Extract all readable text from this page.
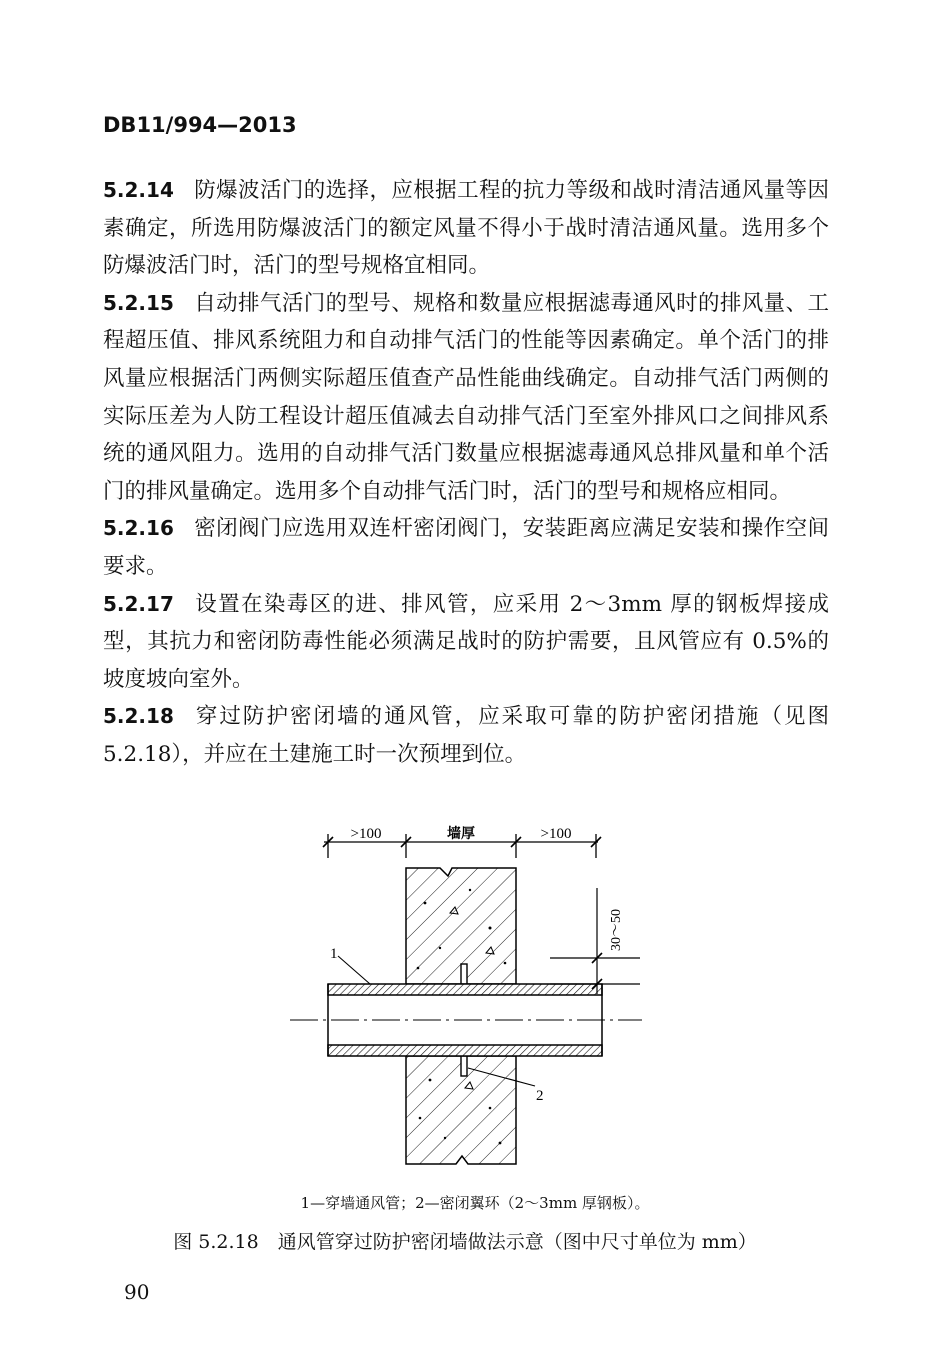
DB11/994—2013

5.2.14 防爆波活门的选择，应根据工程的抗力等级和战时清洁通风量等因素确定，所选用防爆波活门的额定风量不得小于战时清洁通风量。选用多个防爆波活门时，活门的型号规格宜相同。

5.2.15 自动排气活门的型号、规格和数量应根据滤毒通风时的排风量、工程超压值、排风系统阻力和自动排气活门的性能等因素确定。单个活门的排风量应根据活门两侧实际超压值查产品性能曲线确定。自动排气活门两侧的实际压差为人防工程设计超压值减去自动排气活门至室外排风口之间排风系统的通风阻力。选用的自动排气活门数量应根据滤毒通风总排风量和单个活门的排风量确定。选用多个自动排气活门时，活门的型号和规格应相同。

5.2.16 密闭阀门应选用双连杆密闭阀门，安装距离应满足安装和操作空间要求。

5.2.17 设置在染毒区的进、排风管，应采用 2～3mm 厚的钢板焊接成型，其抗力和密闭防毒性能必须满足战时的防护需要，且风管应有 0.5%的坡度坡向室外。

5.2.18 穿过防护密闭墙的通风管，应采取可靠的防护密闭措施（见图 5.2.18），并应在土建施工时一次预埋到位。

>100	墙厚	>100
30～50
1
2
1—穿墙通风管；2—密闭翼环（2～3mm 厚钢板）。
图 5.2.18　通风管穿过防护密闭墙做法示意（图中尺寸单位为 mm）
90
